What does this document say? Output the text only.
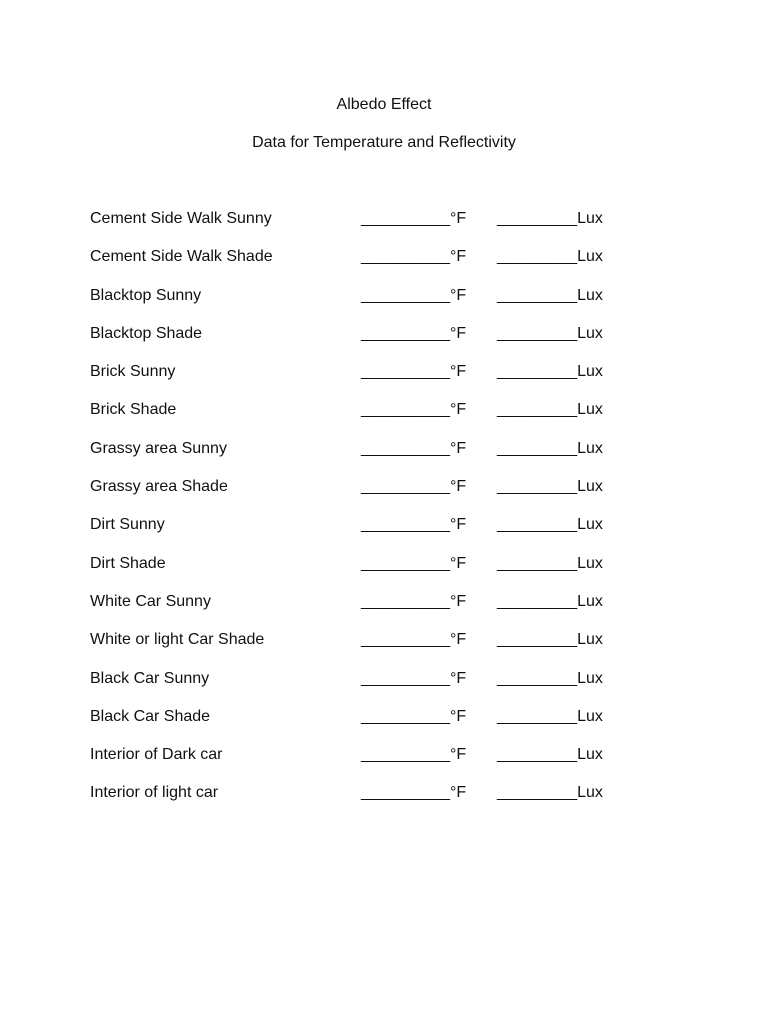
Albedo Effect
Data for Temperature and Reflectivity
Cement Side Walk Sunny	__________°F _________Lux
Cement Side Walk Shade	__________°F _________Lux
Blacktop Sunny	__________°F _________Lux
Blacktop Shade	__________°F _________Lux
Brick Sunny	__________°F _________Lux
Brick Shade	__________°F _________Lux
Grassy area Sunny	__________°F _________Lux
Grassy area Shade	__________°F _________Lux
Dirt Sunny	__________°F _________Lux
Dirt Shade	__________°F _________Lux
White Car Sunny	__________°F _________Lux
White or light Car Shade	__________°F _________Lux
Black Car Sunny	__________°F _________Lux
Black Car Shade	__________°F _________Lux
Interior of Dark car	__________°F _________Lux
Interior of light car	__________°F _________Lux
